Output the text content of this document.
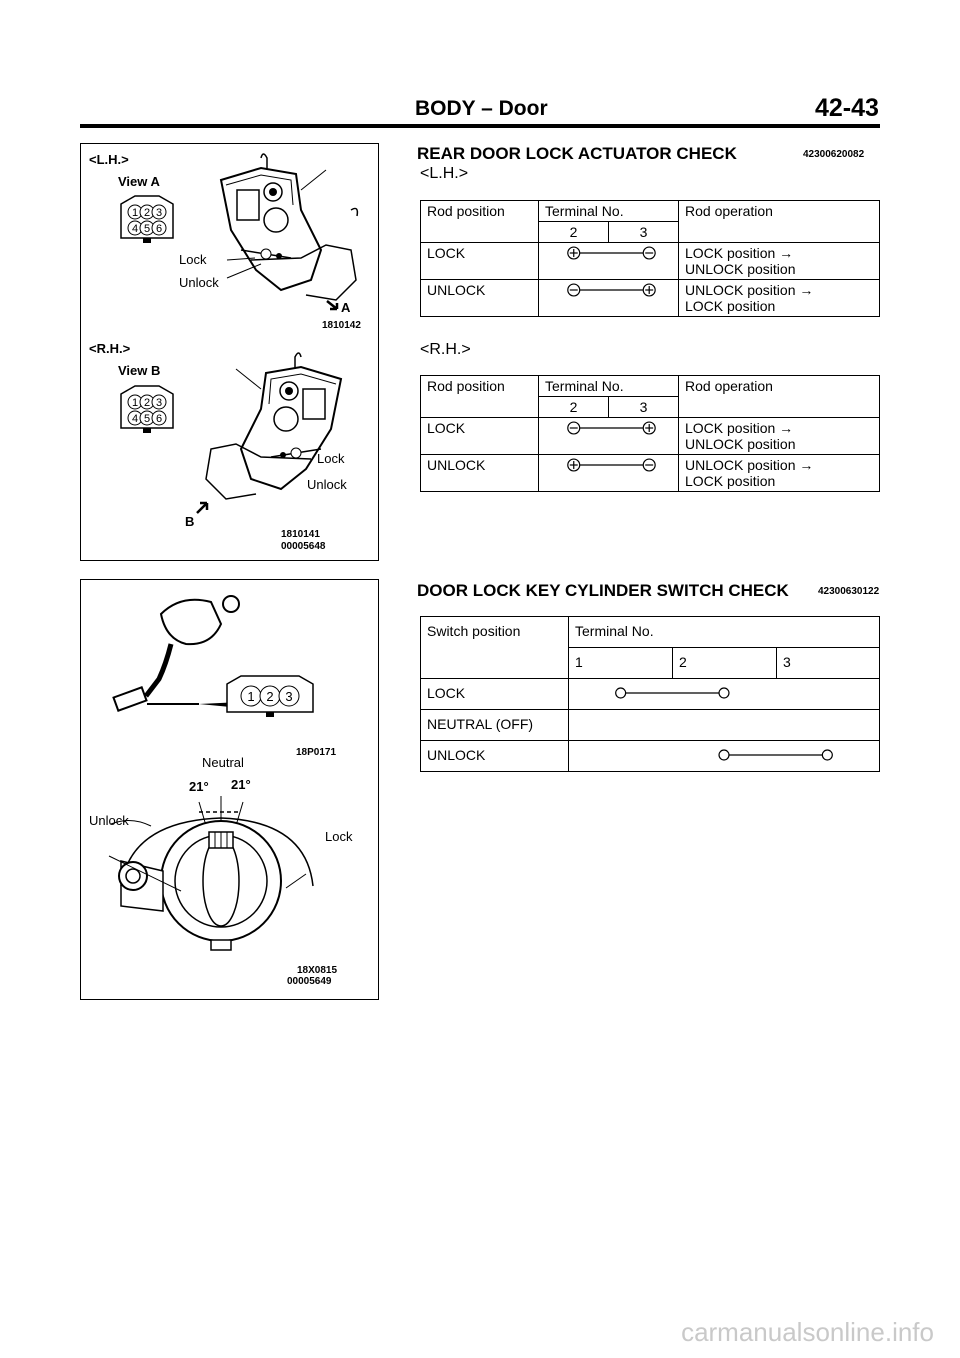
BODY – Door	42-43
<L.H.>
View A
1 2 3
4 5 6
Lock
Unlock
A
1810142
<R.H.>
View B
1 2 3
4 5 6
Lock
Unlock
B
1810141
00005648
1 2 3
18P0171
Neutral
21° 21°
Unlock
Lock
18X0815
00005649
REAR DOOR LOCK ACTUATOR CHECK	42300620082
<L.H.>
Rod position	Terminal No.		Rod operation
	2	3	
LOCK			LOCK position →
UNLOCK position
UNLOCK			UNLOCK position →
LOCK position
<R.H.>
Rod position	Terminal No.		Rod operation
	2	3	
LOCK			LOCK position →
UNLOCK position
UNLOCK			UNLOCK position →
LOCK position
DOOR LOCK KEY CYLINDER SWITCH CHECK	42300630122
Switch position	Terminal No.		
	1	2	3
LOCK	

NEUTRAL (OFF)	

UNLOCK	
carmanualsonline.info
